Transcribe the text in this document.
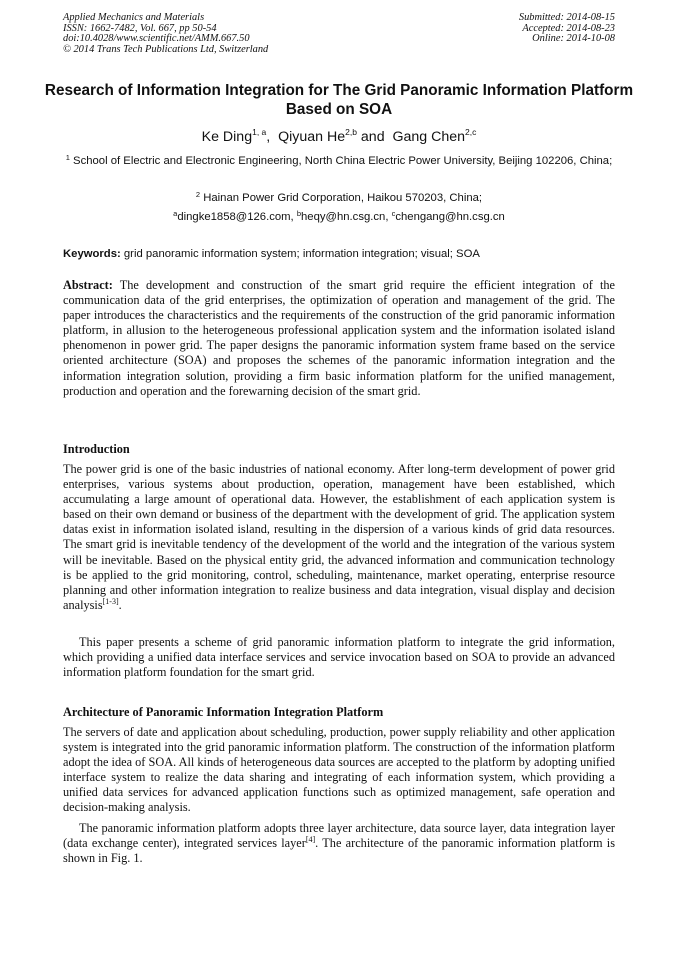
Applied Mechanics and Materials
ISSN: 1662-7482, Vol. 667, pp 50-54
doi:10.4028/www.scientific.net/AMM.667.50
© 2014 Trans Tech Publications Ltd, Switzerland
Submitted: 2014-08-15
Accepted: 2014-08-23
Online: 2014-10-08
Research of Information Integration for The Grid Panoramic Information Platform Based on SOA
Ke Ding$^{1, a}$,  Qiyuan He$^{2,b}$ and  Gang Chen$^{2,c}$
$^1$ School of Electric and Electronic Engineering, North China Electric Power University, Beijing 102206, China;
$^2$ Hainan Power Grid Corporation, Haikou 570203, China;
$^a$dingke1858@126.com, $^b$heqy@hn.csg.cn, $^c$chengang@hn.csg.cn
Keywords: grid panoramic information system; information integration; visual; SOA
Abstract: The development and construction of the smart grid require the efficient integration of the communication data of the grid enterprises, the optimization of operation and management of the grid. The paper introduces the characteristics and the requirements of the construction of the grid panoramic information platform, in allusion to the heterogeneous professional application system and the information isolated island phenomenon in power grid. The paper designs the panoramic information system frame based on the service oriented architecture (SOA) and proposes the schemes of the panoramic information integration and the information integration solution, providing a firm basic information platform for the unified management, production and operation and the forewarning decision of the smart grid.
Introduction
The power grid is one of the basic industries of national economy. After long-term development of power grid enterprises, various systems about production, operation, management have been established, which accumulating a large amount of operational data. However, the establishment of each application system is based on their own demand or business of the department with the development of grid. The application system datas exist in information isolated island, resulting in the dispersion of a various kinds of grid data resources. The smart grid is inevitable tendency of the development of the world and the integration of the various system will be inevitable. Based on the physical entity grid, the advanced information and communication technology is be applied to the grid monitoring, control, scheduling, maintenance, market operating, enterprise resource planning and other information integration to realize business and data integration, visual display and decision analysis[1-3].
This paper presents a scheme of grid panoramic information platform to integrate the grid information, which providing a unified data interface services and service invocation based on SOA to provide an advanced information platform foundation for the smart grid.
Architecture of Panoramic Information Integration Platform
The servers of date and application about scheduling, production, power supply reliability and other application system is integrated into the grid panoramic information platform. The construction of the information platform adopt the idea of SOA. All kinds of heterogeneous data sources are accepted to the platform by adopting unified interface system to realize the data sharing and integrating of each information system, which providing a unified data services for advanced application functions such as optimized management, safe operation and decision-making analysis.
The panoramic information platform adopts three layer architecture, data source layer, data integration layer (data exchange center), integrated services layer[4]. The architecture of the panoramic information platform is shown in Fig. 1.
